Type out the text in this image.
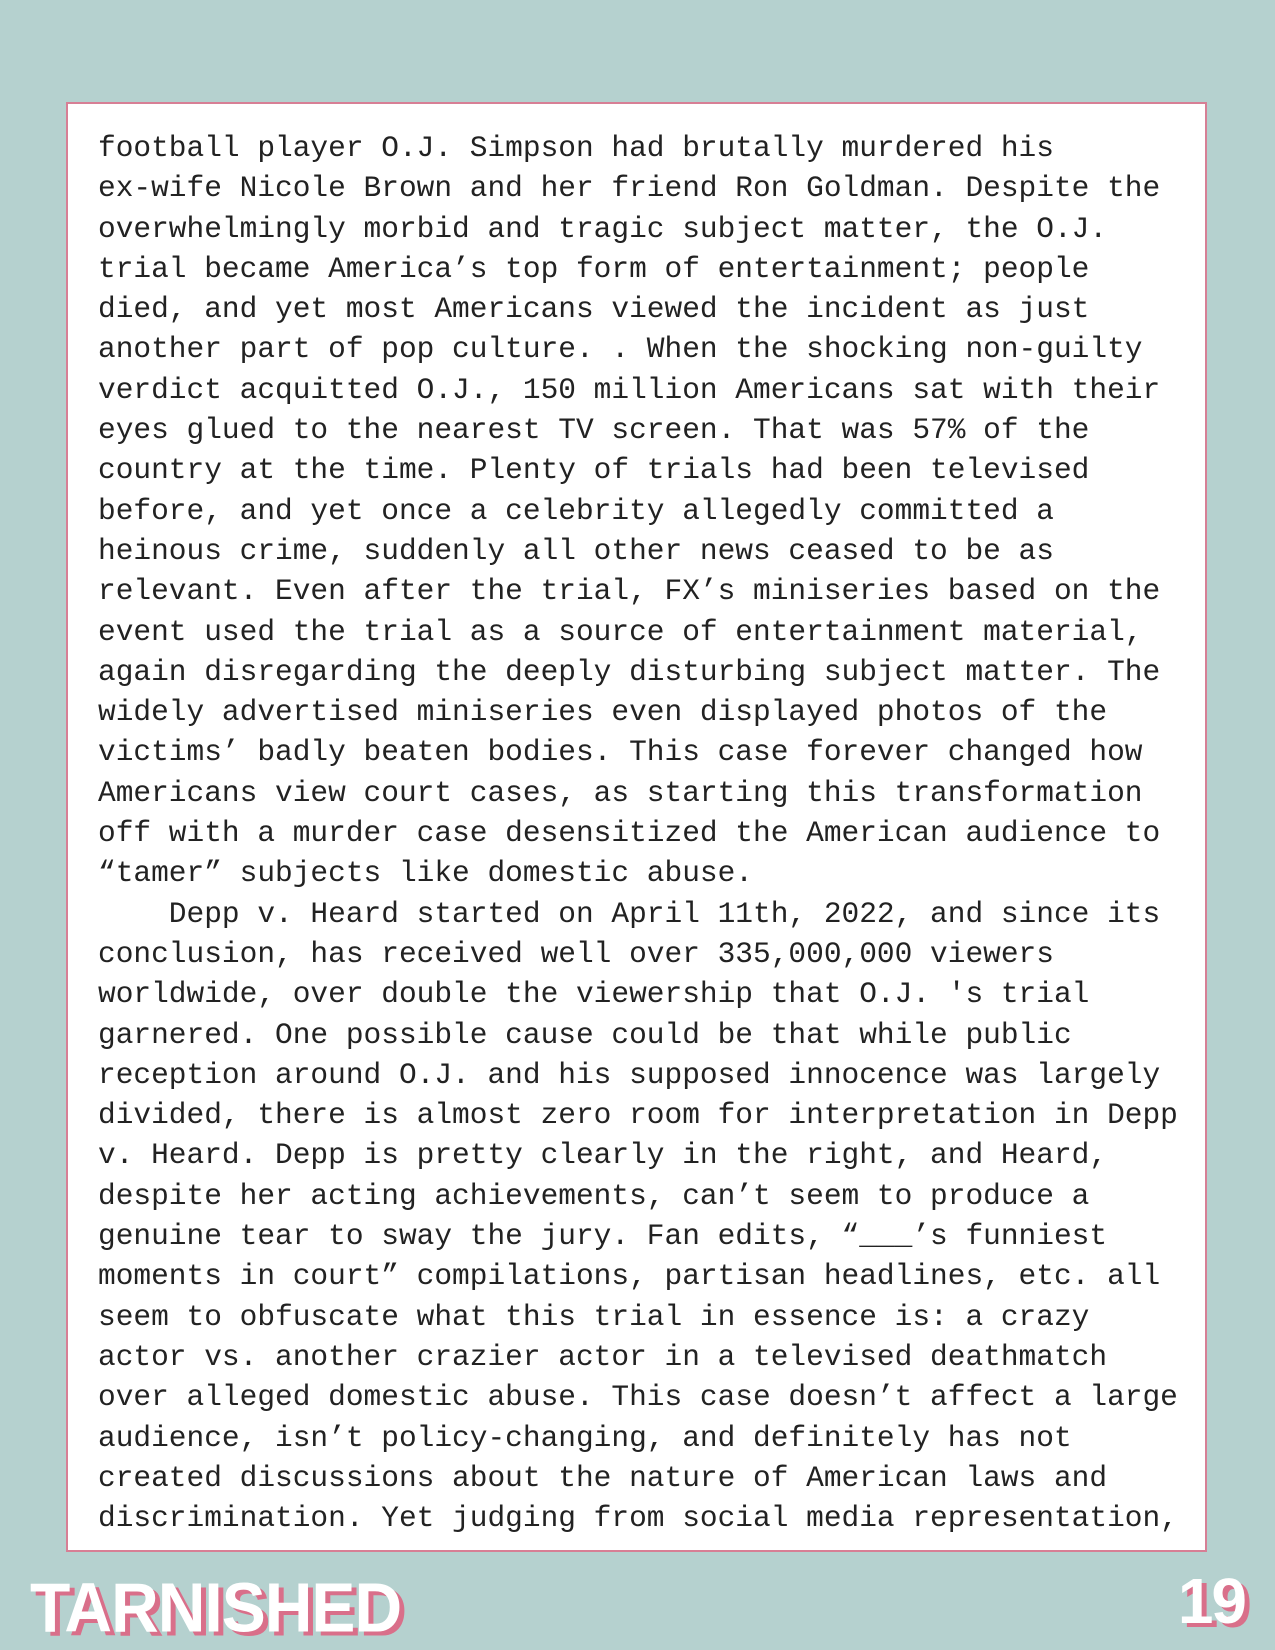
football player O.J. Simpson had brutally murdered his
ex-wife Nicole Brown and her friend Ron Goldman. Despite the
overwhelmingly morbid and tragic subject matter, the O.J.
trial became America’s top form of entertainment; people
died, and yet most Americans viewed the incident as just
another part of pop culture. . When the shocking non-guilty
verdict acquitted O.J., 150 million Americans sat with their
eyes glued to the nearest TV screen. That was 57% of the
country at the time. Plenty of trials had been televised
before, and yet once a celebrity allegedly committed a
heinous crime, suddenly all other news ceased to be as
relevant. Even after the trial, FX’s miniseries based on the
event used the trial as a source of entertainment material,
again disregarding the deeply disturbing subject matter. The
widely advertised miniseries even displayed photos of the
victims’ badly beaten bodies. This case forever changed how
Americans view court cases, as starting this transformation
off with a murder case desensitized the American audience to
“tamer” subjects like domestic abuse.
Depp v. Heard started on April 11th, 2022, and since its
conclusion, has received well over 335,000,000 viewers
worldwide, over double the viewership that O.J. 's trial
garnered. One possible cause could be that while public
reception around O.J. and his supposed innocence was largely
divided, there is almost zero room for interpretation in Depp
v. Heard. Depp is pretty clearly in the right, and Heard,
despite her acting achievements, can’t seem to produce a
genuine tear to sway the jury. Fan edits, “___’s funniest
moments in court” compilations, partisan headlines, etc. all
seem to obfuscate what this trial in essence is: a crazy
actor vs. another crazier actor in a televised deathmatch
over alleged domestic abuse. This case doesn’t affect a large
audience, isn’t policy-changing, and definitely has not
created discussions about the nature of American laws and
discrimination. Yet judging from social media representation,
TARNISHED	19
